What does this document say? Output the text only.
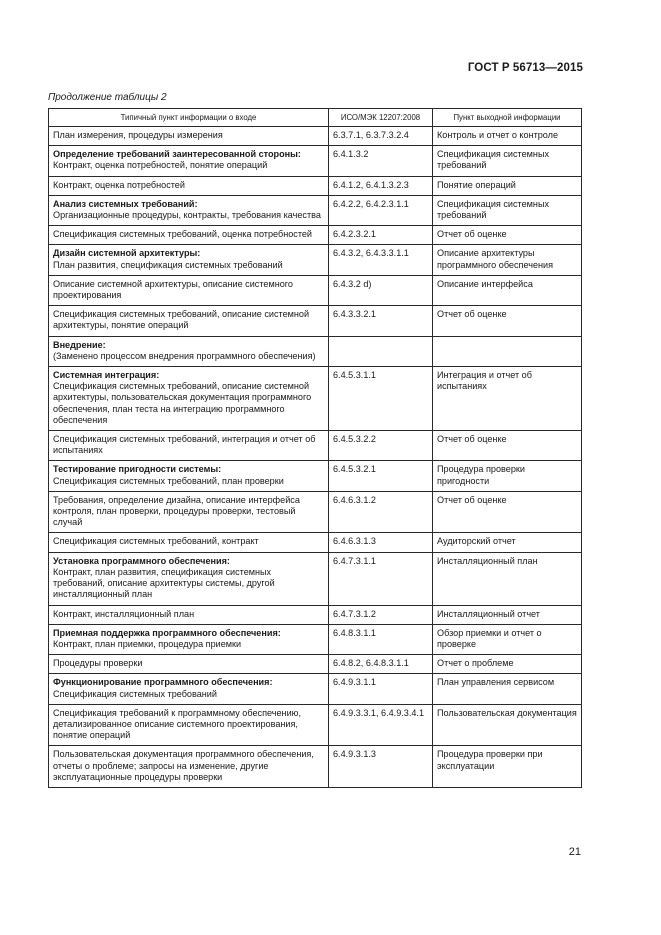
ГОСТ Р 56713—2015
Продолжение таблицы 2
Типичный пункт информации о входе	ИСО/МЭК 12207:2008	Пункт выходной информации

План измерения, процедуры измерения	6.3.7.1, 6.3.7.3.2.4	Контроль и отчет о контроле

Определение требований заинтересованной стороны:
Контракт, оценка потребностей, понятие операций	6.4.1.3.2	Спецификация системных требований

Контракт, оценка потребностей	6.4.1.2, 6.4.1.3.2.3	Понятие операций

Анализ системных требований:
Организационные процедуры, контракты, требования качества	6.4.2.2, 6.4.2.3.1.1	Спецификация системных требований

Спецификация системных требований, оценка потребностей	6.4.2.3.2.1	Отчет об оценке

Дизайн системной архитектуры:
План развития, спецификация системных требований	6.4.3.2, 6.4.3.3.1.1	Описание архитектуры программного обеспечения

Описание системной архитектуры, описание системного проектирования	6.4.3.2 d)	Описание интерфейса

Спецификация системных требований, описание системной архитектуры, понятие операций	6.4.3.3.2.1	Отчет об оценке

Внедрение:
(Заменено процессом внедрения программного обеспечения)		

Системная интеграция:
Спецификация системных требований, описание системной архитектуры, пользовательская документация программного обеспечения, план теста на интеграцию программного обеспечения	6.4.5.3.1.1	Интеграция и отчет об испытаниях

Спецификация системных требований, интеграция и отчет об испытаниях	6.4.5.3.2.2	Отчет об оценке

Тестирование пригодности системы:
Спецификация системных требований, план проверки	6.4.5.3.2.1	Процедура проверки пригодности

Требования, определение дизайна, описание интерфейса контроля, план проверки, процедуры проверки, тестовый случай	6.4.6.3.1.2	Отчет об оценке

Спецификация системных требований, контракт	6.4.6.3.1.3	Аудиторский отчет

Установка программного обеспечения:
Контракт, план развития, спецификация системных требований, описание архитектуры системы, другой инсталляционный план	6.4.7.3.1.1	Инсталляционный план

Контракт, инсталляционный план	6.4.7.3.1.2	Инсталляционный отчет

Приемная поддержка программного обеспечения:
Контракт, план приемки, процедура приемки	6.4.8.3.1.1	Обзор приемки и отчет о проверке

Процедуры проверки	6.4.8.2, 6.4.8.3.1.1	Отчет о проблеме

Функционирование программного обеспечения:
Спецификация системных требований	6.4.9.3.1.1	План управления сервисом

Спецификация требований к программному обеспечению, детализированное описание системного проектирования, понятие операций	6.4.9.3.3.1, 6.4.9.3.4.1	Пользовательская документация

Пользовательская документация программного обеспечения, отчеты о проблеме; запросы на изменение, другие эксплуатационные процедуры проверки	6.4.9.3.1.3	Процедура проверки при эксплуатации
21
